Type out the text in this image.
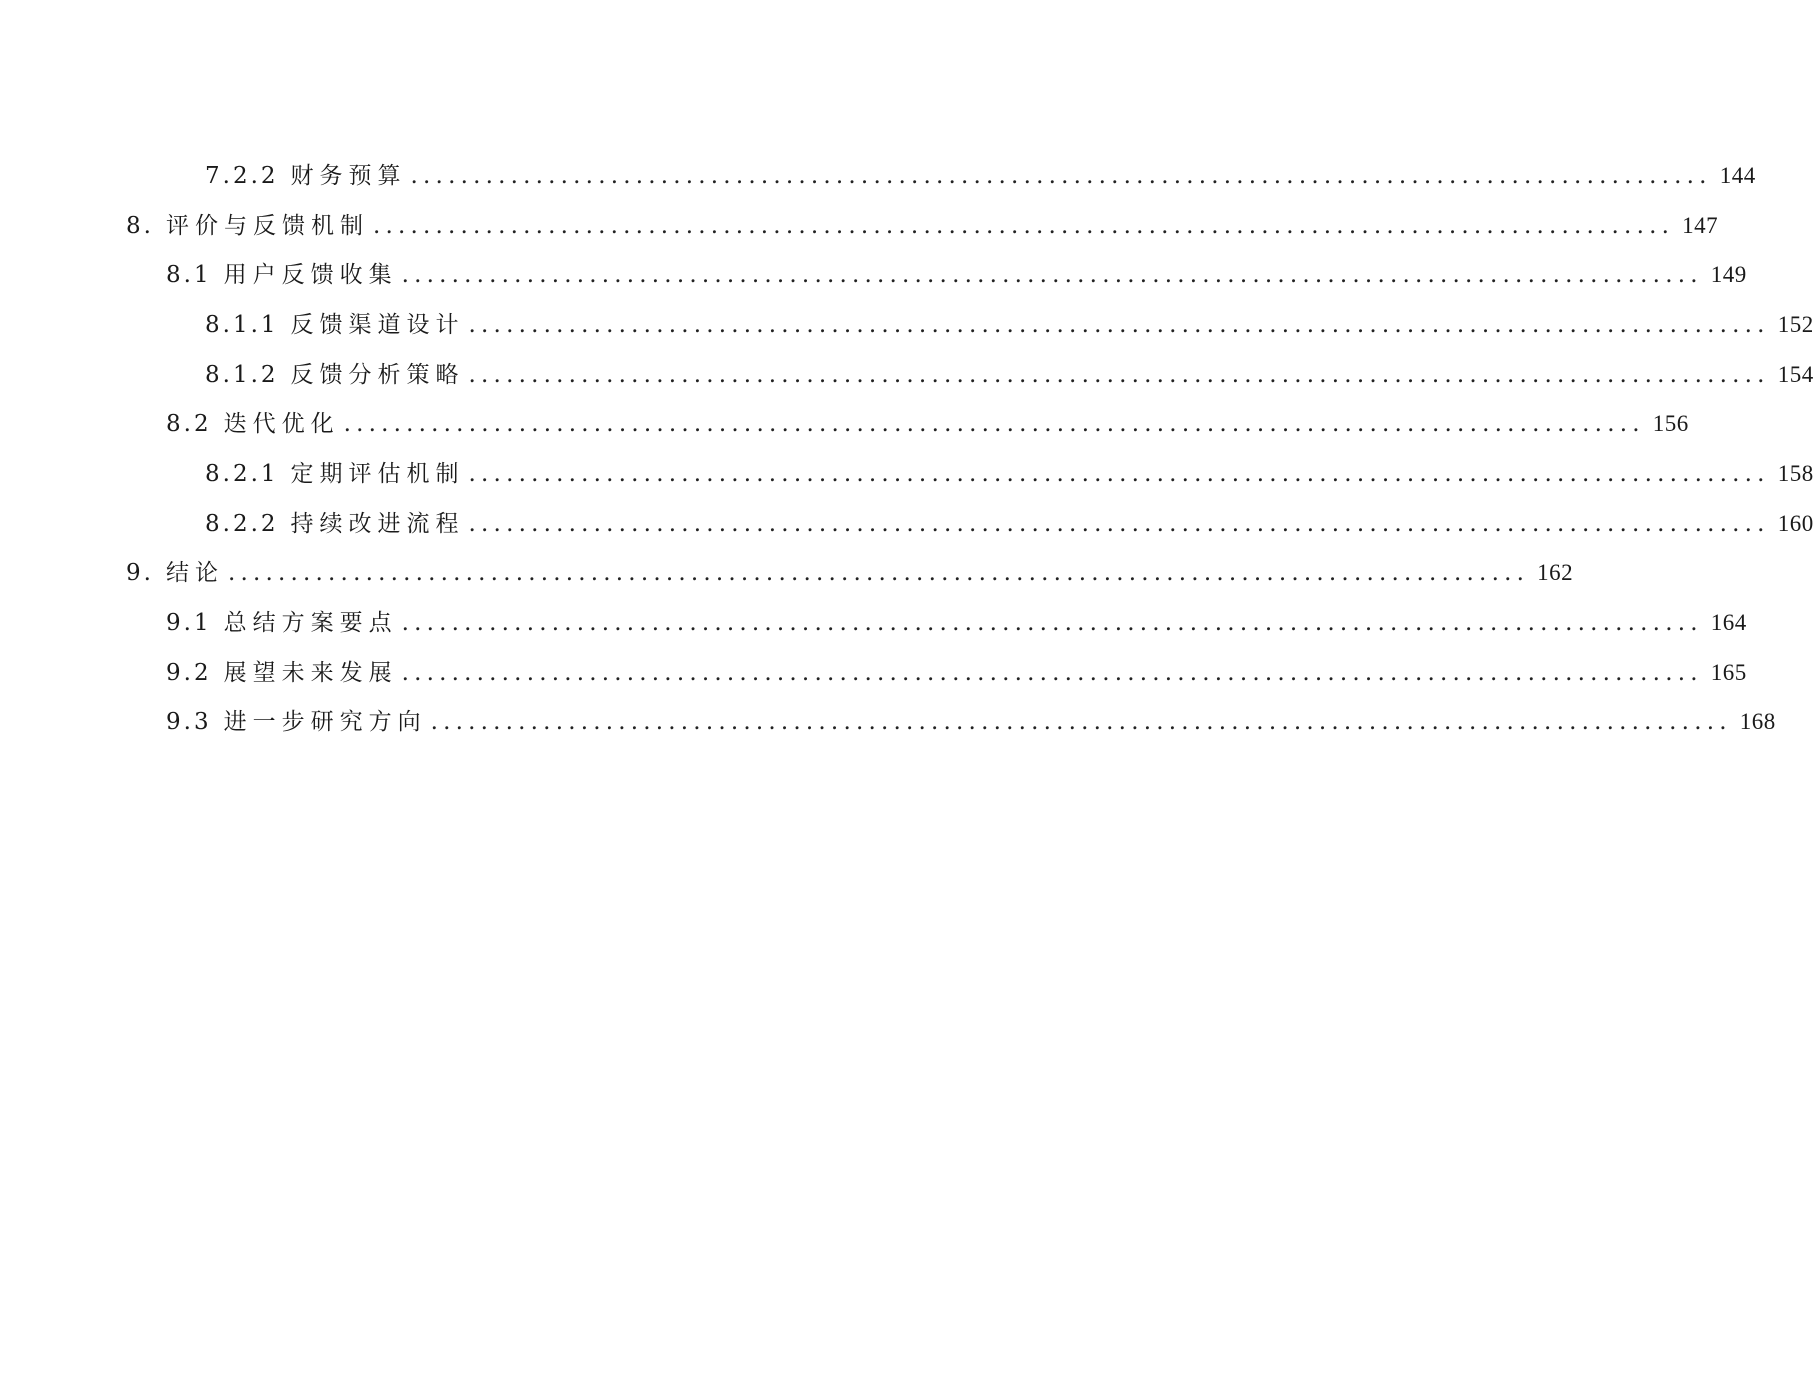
7.2.2 财务预算 ........................................................................................................ 144
8. 评价与反馈机制 ........................................................................................................ 147
8.1 用户反馈收集 ........................................................................................................ 149
8.1.1 反馈渠道设计 ........................................................................................................ 152
8.1.2 反馈分析策略 ........................................................................................................ 154
8.2 迭代优化 ........................................................................................................ 156
8.2.1 定期评估机制 ........................................................................................................ 158
8.2.2 持续改进流程 ........................................................................................................ 160
9. 结论 ........................................................................................................ 162
9.1 总结方案要点 ........................................................................................................ 164
9.2 展望未来发展 ........................................................................................................ 165
9.3 进一步研究方向 ........................................................................................................ 168
